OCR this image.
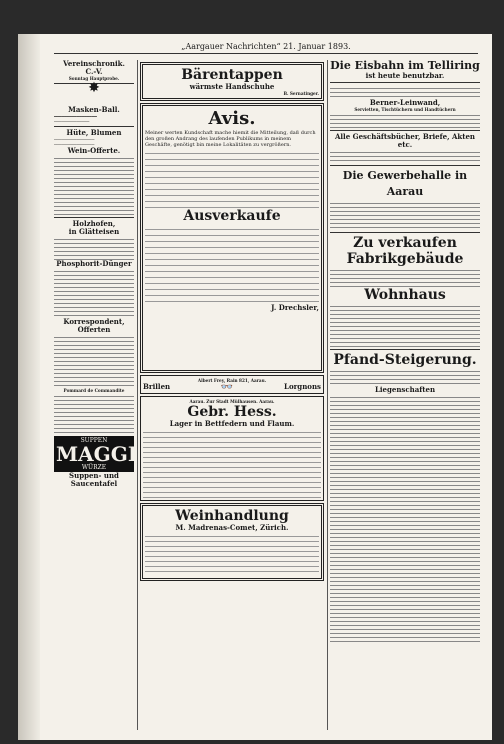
„Aargauer Nachrichten“ 21. Januar 1893.
Vereinschronik.
C.-V.
Sonntag Hauptprobe.
✸
Masken-Ball.
━━━━━━━━━━━━━━━━━
──────────────
Hüte, Blumen
────────────────
────────────────
Wein-Offerte.
Holzhofen,
in Glätteisen
Phosphorit-Dünger
Korrespondent, Offerten
Pommard de Commandite
SUPPEN
MAGGI
WÜRZE
Suppen- und Saucentafel
Bärentappen
wärmste Handschuhe
B. Sernatinger.
Avis.
Meiner werten Kundschaft mache hiemit die Mitteilung, daß durch den großen Andrang des laufenden Publikums in meinem Geschäfte, genötigt bin meine Lokalitäten zu vergrößern.
Ausverkaufe
J. Drechsler,
Albert Frey, Rain 821, Aarau.
Brillen	👓	Lorgnons
Aarau. Zur Stadt Mülhausen. Aarau.
Gebr. Hess.
Lager in Bettfedern und Flaum.
Weinhandlung
M. Madrenas-Comet, Zürich.
Die Eisbahn im Telliring
ist heute benutzbar.
Berner-Leinwand,
Servietten, Tischtüchern und Handtüchern
Alle Geschäftsbücher, Briefe, Akten etc.
Die Gewerbehalle in Aarau
Zu verkaufen
Fabrikgebäude
Wohnhaus
Pfand-Steigerung.
Liegenschaften
